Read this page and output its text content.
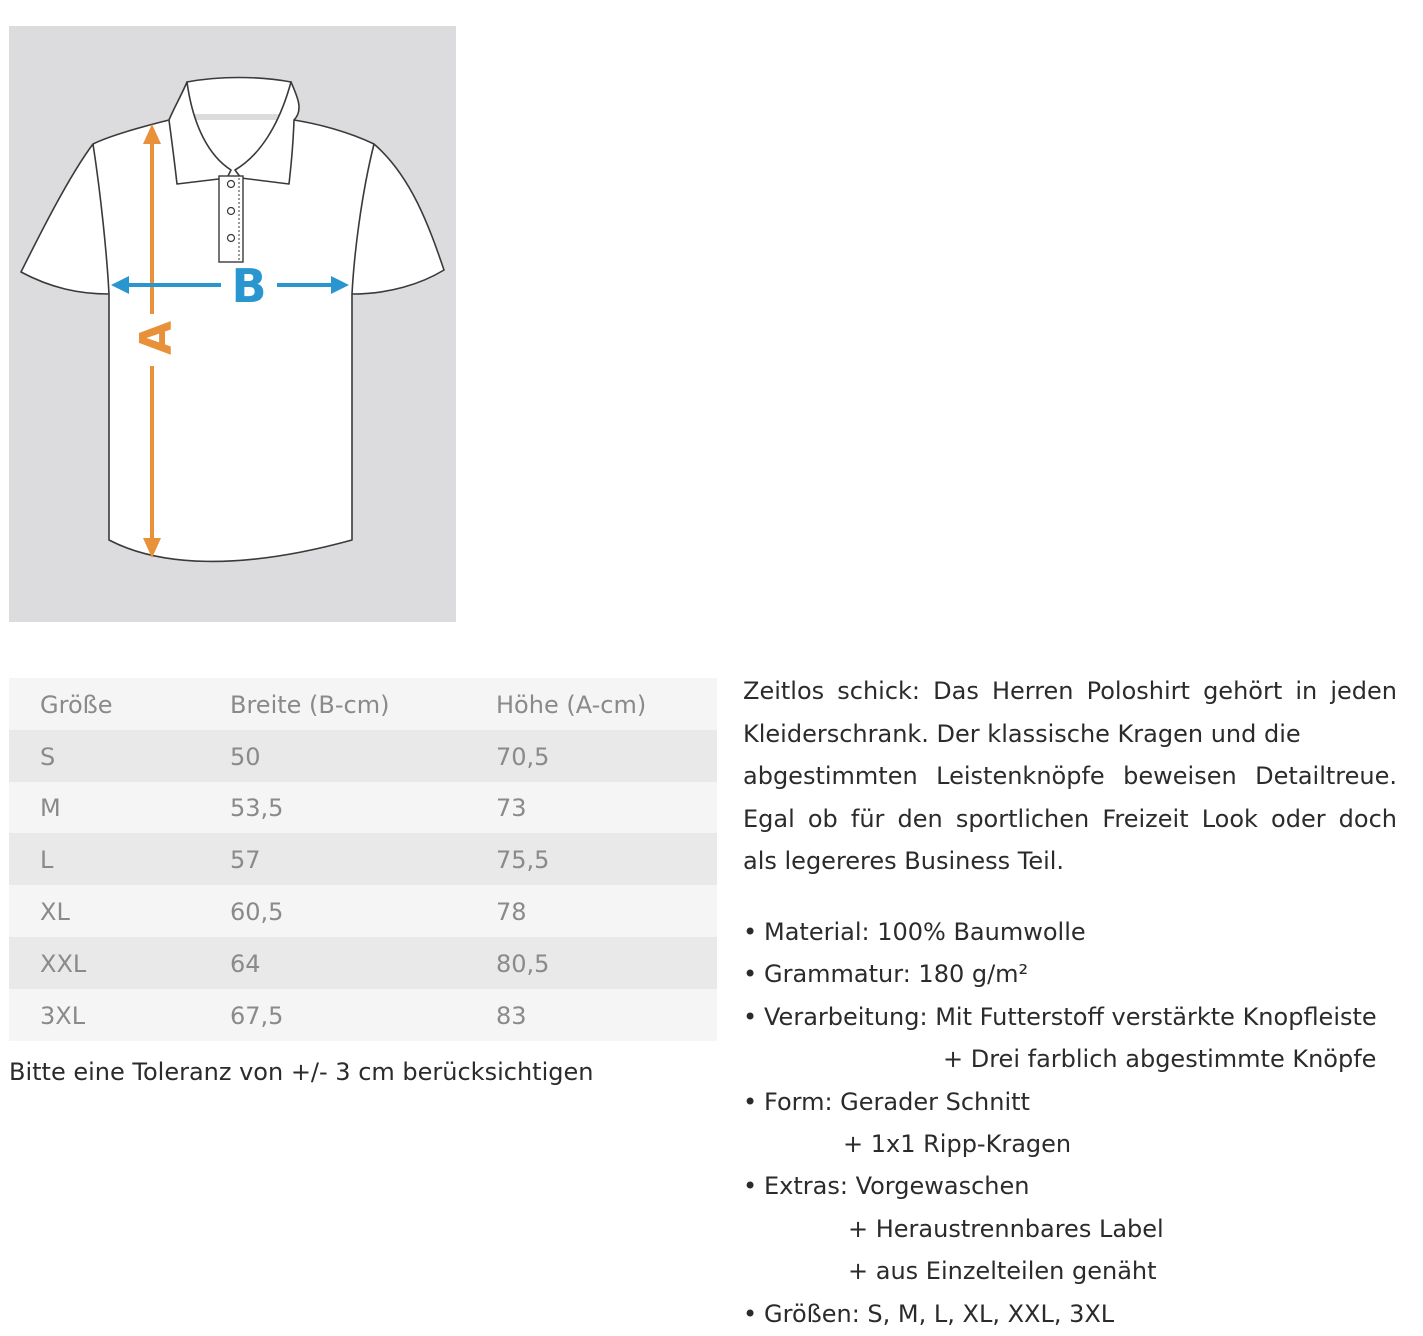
A
B
Größe	Breite (B-cm)	Höhe (A-cm)
S	50	70,5
M	53,5	73
L	57	75,5
XL	60,5	78
XXL	64	80,5
3XL	67,5	83
Bitte eine Toleranz von +/- 3 cm berücksichtigen
Zeitlos schick: Das Herren Poloshirt gehört in jeden
Kleiderschrank. Der klassische Kragen und die
abgestimmten Leistenknöpfe beweisen Detailtreue.
Egal ob für den sportlichen Freizeit Look oder doch
als legereres Business Teil.
• Material: 100% Baumwolle
• Grammatur: 180 g/m²
• Verarbeitung: Mit Futterstoff verstärkte Knopfleiste
+ Drei farblich abgestimmte Knöpfe
• Form: Gerader Schnitt
+ 1x1 Ripp-Kragen
• Extras: Vorgewaschen
+ Heraustrennbares Label
+ aus Einzelteilen genäht
• Größen: S, M, L, XL, XXL, 3XL
